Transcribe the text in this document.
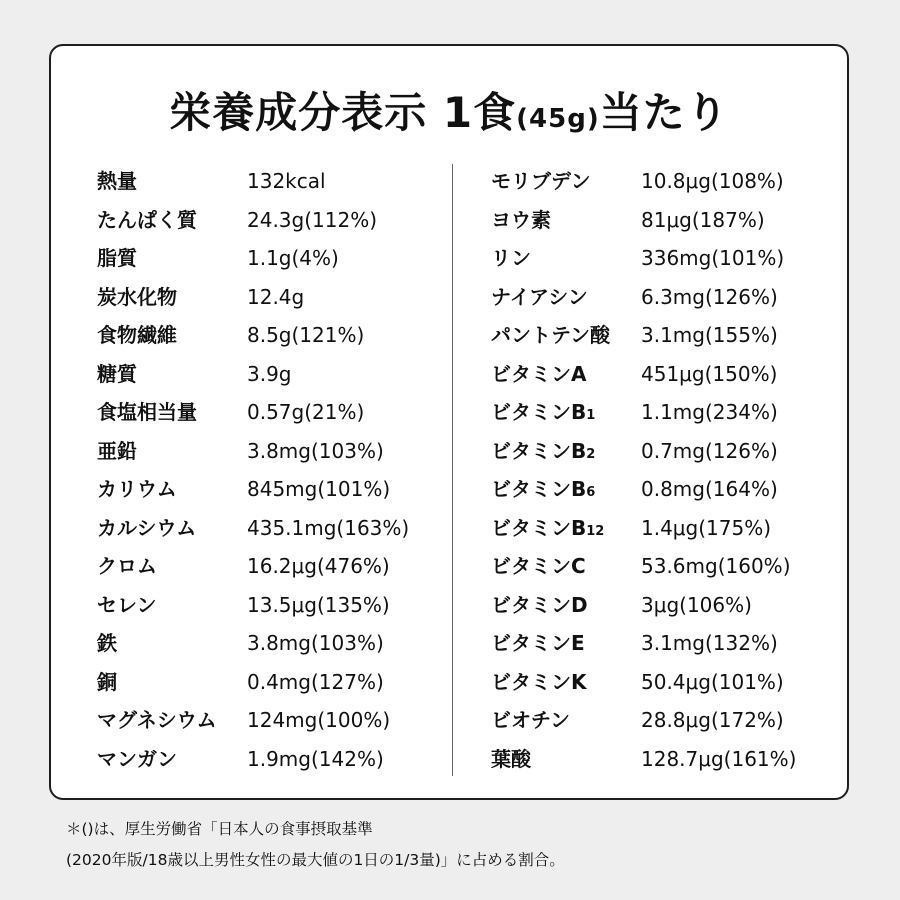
栄養成分表示 1食(45g)当たり
熱量	132kcal
たんぱく質	24.3g(112%)
脂質	1.1g(4%)
炭水化物	12.4g
食物繊維	8.5g(121%)
糖質	3.9g
食塩相当量	0.57g(21%)
亜鉛	3.8mg(103%)
カリウム	845mg(101%)
カルシウム	435.1mg(163%)
クロム	16.2μg(476%)
セレン	13.5μg(135%)
鉄	3.8mg(103%)
銅	0.4mg(127%)
マグネシウム 124mg(100%)
マンガン	1.9mg(142%)
モリブデン	10.8μg(108%)
ヨウ素	81μg(187%)
リン	336mg(101%)
ナイアシン	6.3mg(126%)
パントテン酸 3.1mg(155%)
ビタミンA	451μg(150%)
ビタミンB1 1.1mg(234%)
ビタミンB2 0.7mg(126%)
ビタミンB6 0.8mg(164%)
ビタミンB12 1.4μg(175%)
ビタミンC	53.6mg(160%)
ビタミンD	3μg(106%)
ビタミンE	3.1mg(132%)
ビタミンK	50.4μg(101%)
ビオチン	28.8μg(172%)
葉酸	128.7μg(161%)
＊()は、厚生労働省「日本人の食事摂取基準
(2020年版/18歳以上男性女性の最大値の1日の1/3量)」に占める割合。
